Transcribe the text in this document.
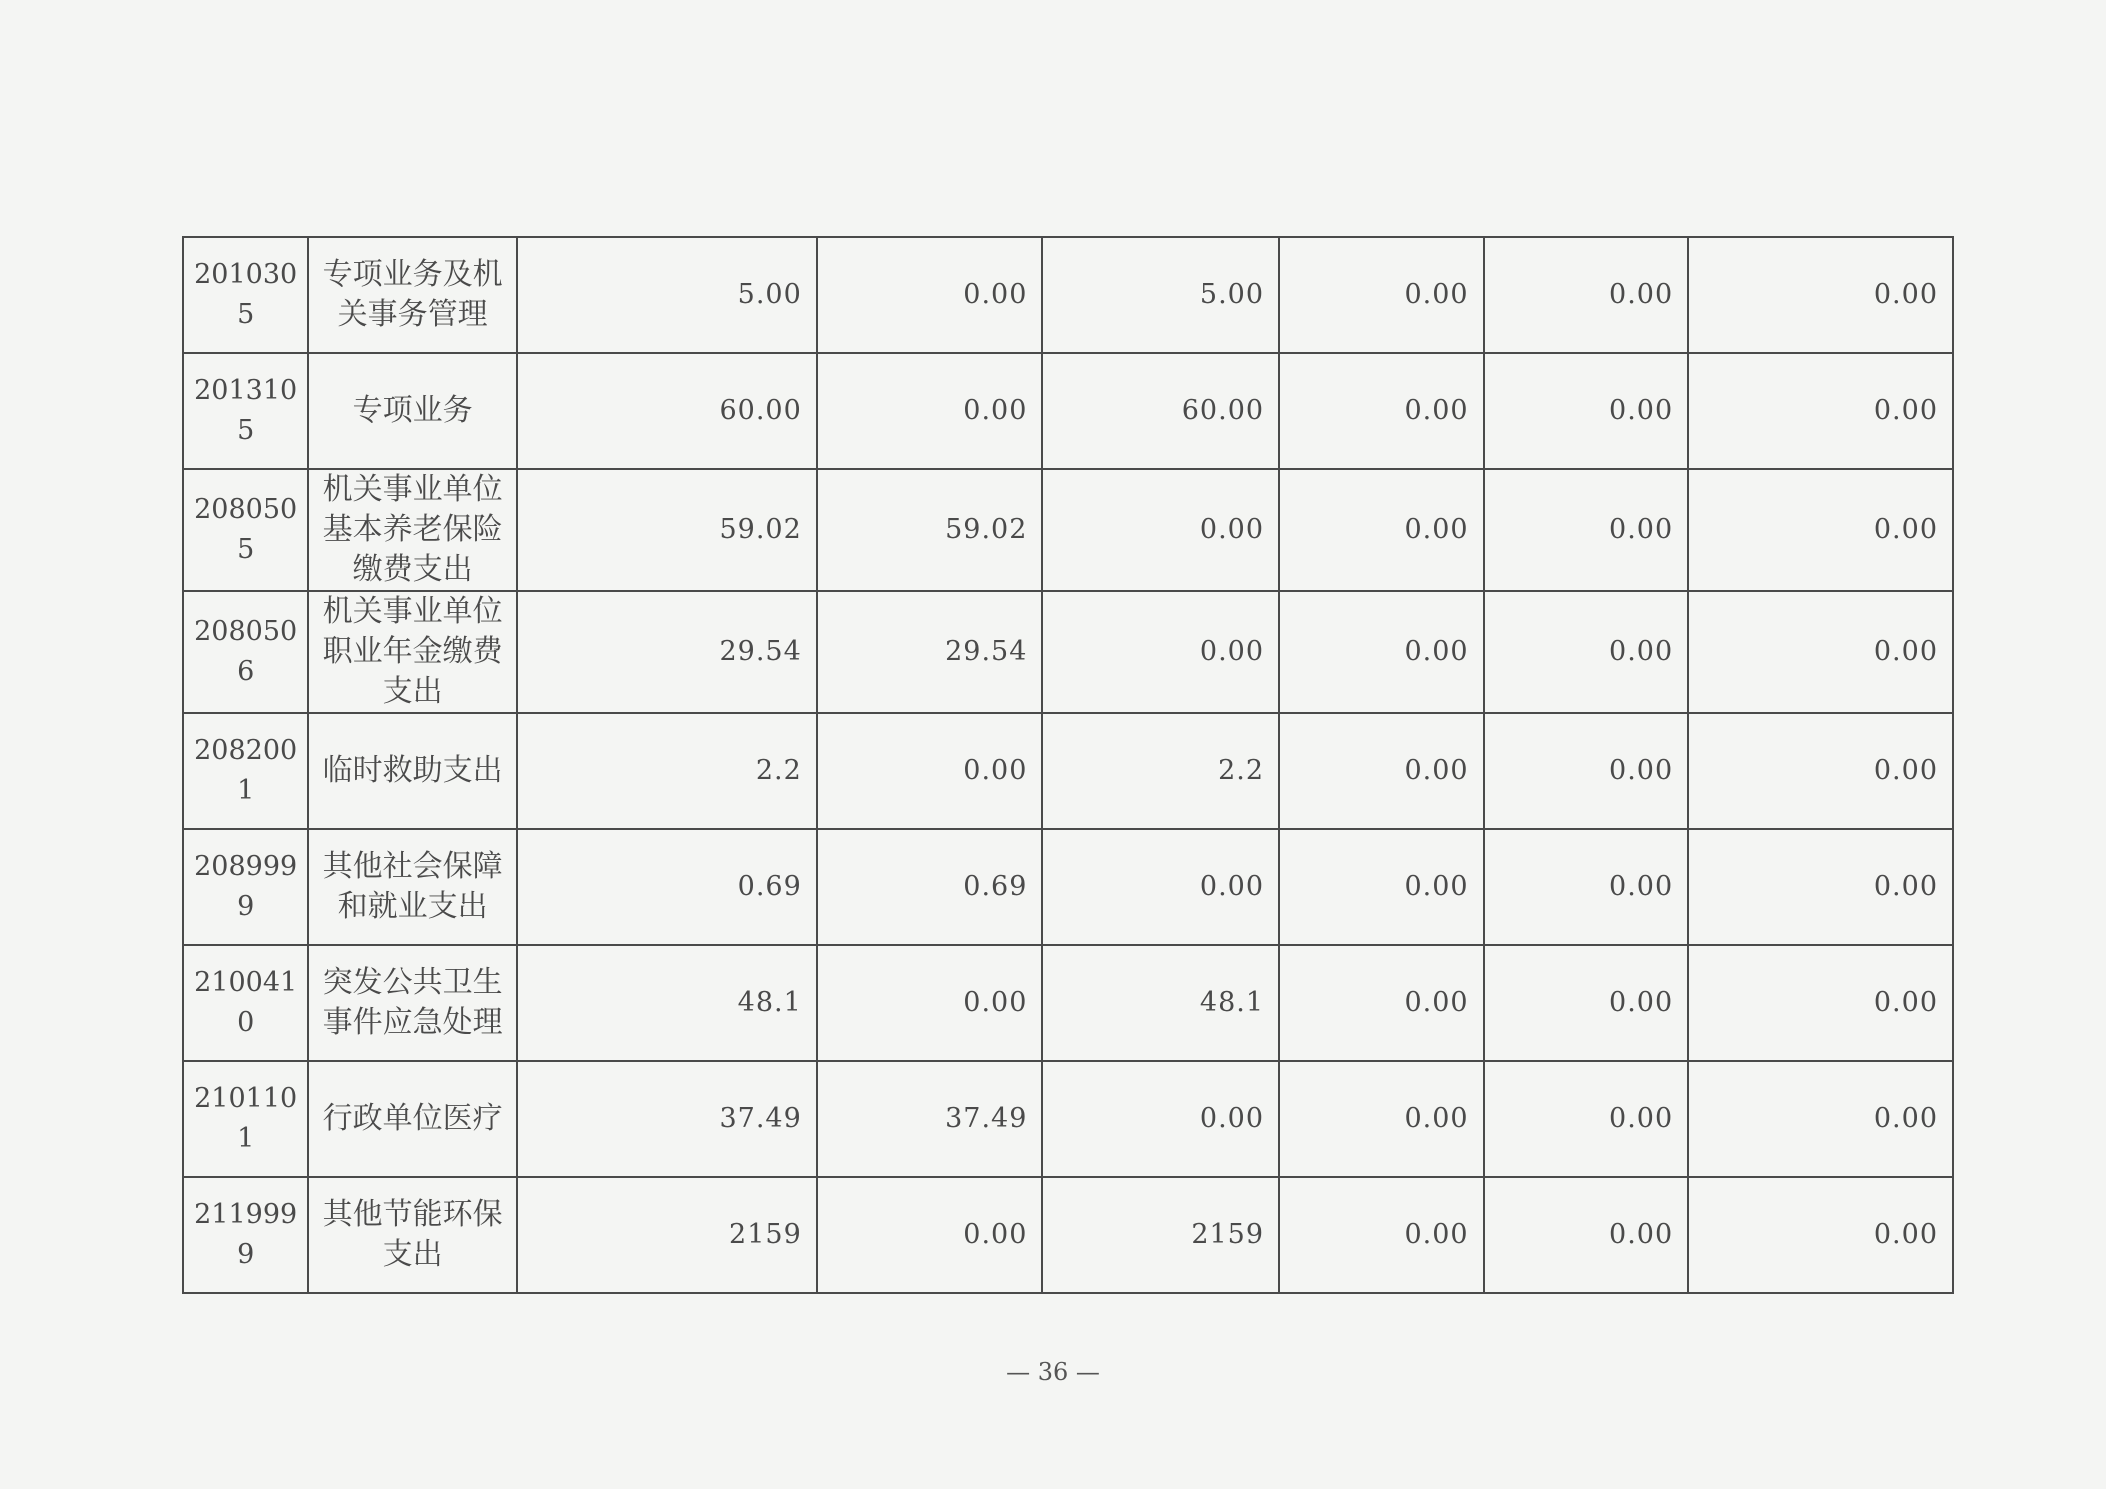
2010305	专项业务及机关事务管理	5.00	0.00	5.00	0.00	0.00	0.00
2013105	专项业务	60.00	0.00	60.00	0.00	0.00	0.00
2080505	机关事业单位基本养老保险缴费支出	59.02	59.02	0.00	0.00	0.00	0.00
2080506	机关事业单位职业年金缴费支出	29.54	29.54	0.00	0.00	0.00	0.00
2082001	临时救助支出	2.2	0.00	2.2	0.00	0.00	0.00
2089999	其他社会保障和就业支出	0.69	0.69	0.00	0.00	0.00	0.00
2100410	突发公共卫生事件应急处理	48.1	0.00	48.1	0.00	0.00	0.00
2101101	行政单位医疗	37.49	37.49	0.00	0.00	0.00	0.00
2119999	其他节能环保支出	2159	0.00	2159	0.00	0.00	0.00
— 36 —
